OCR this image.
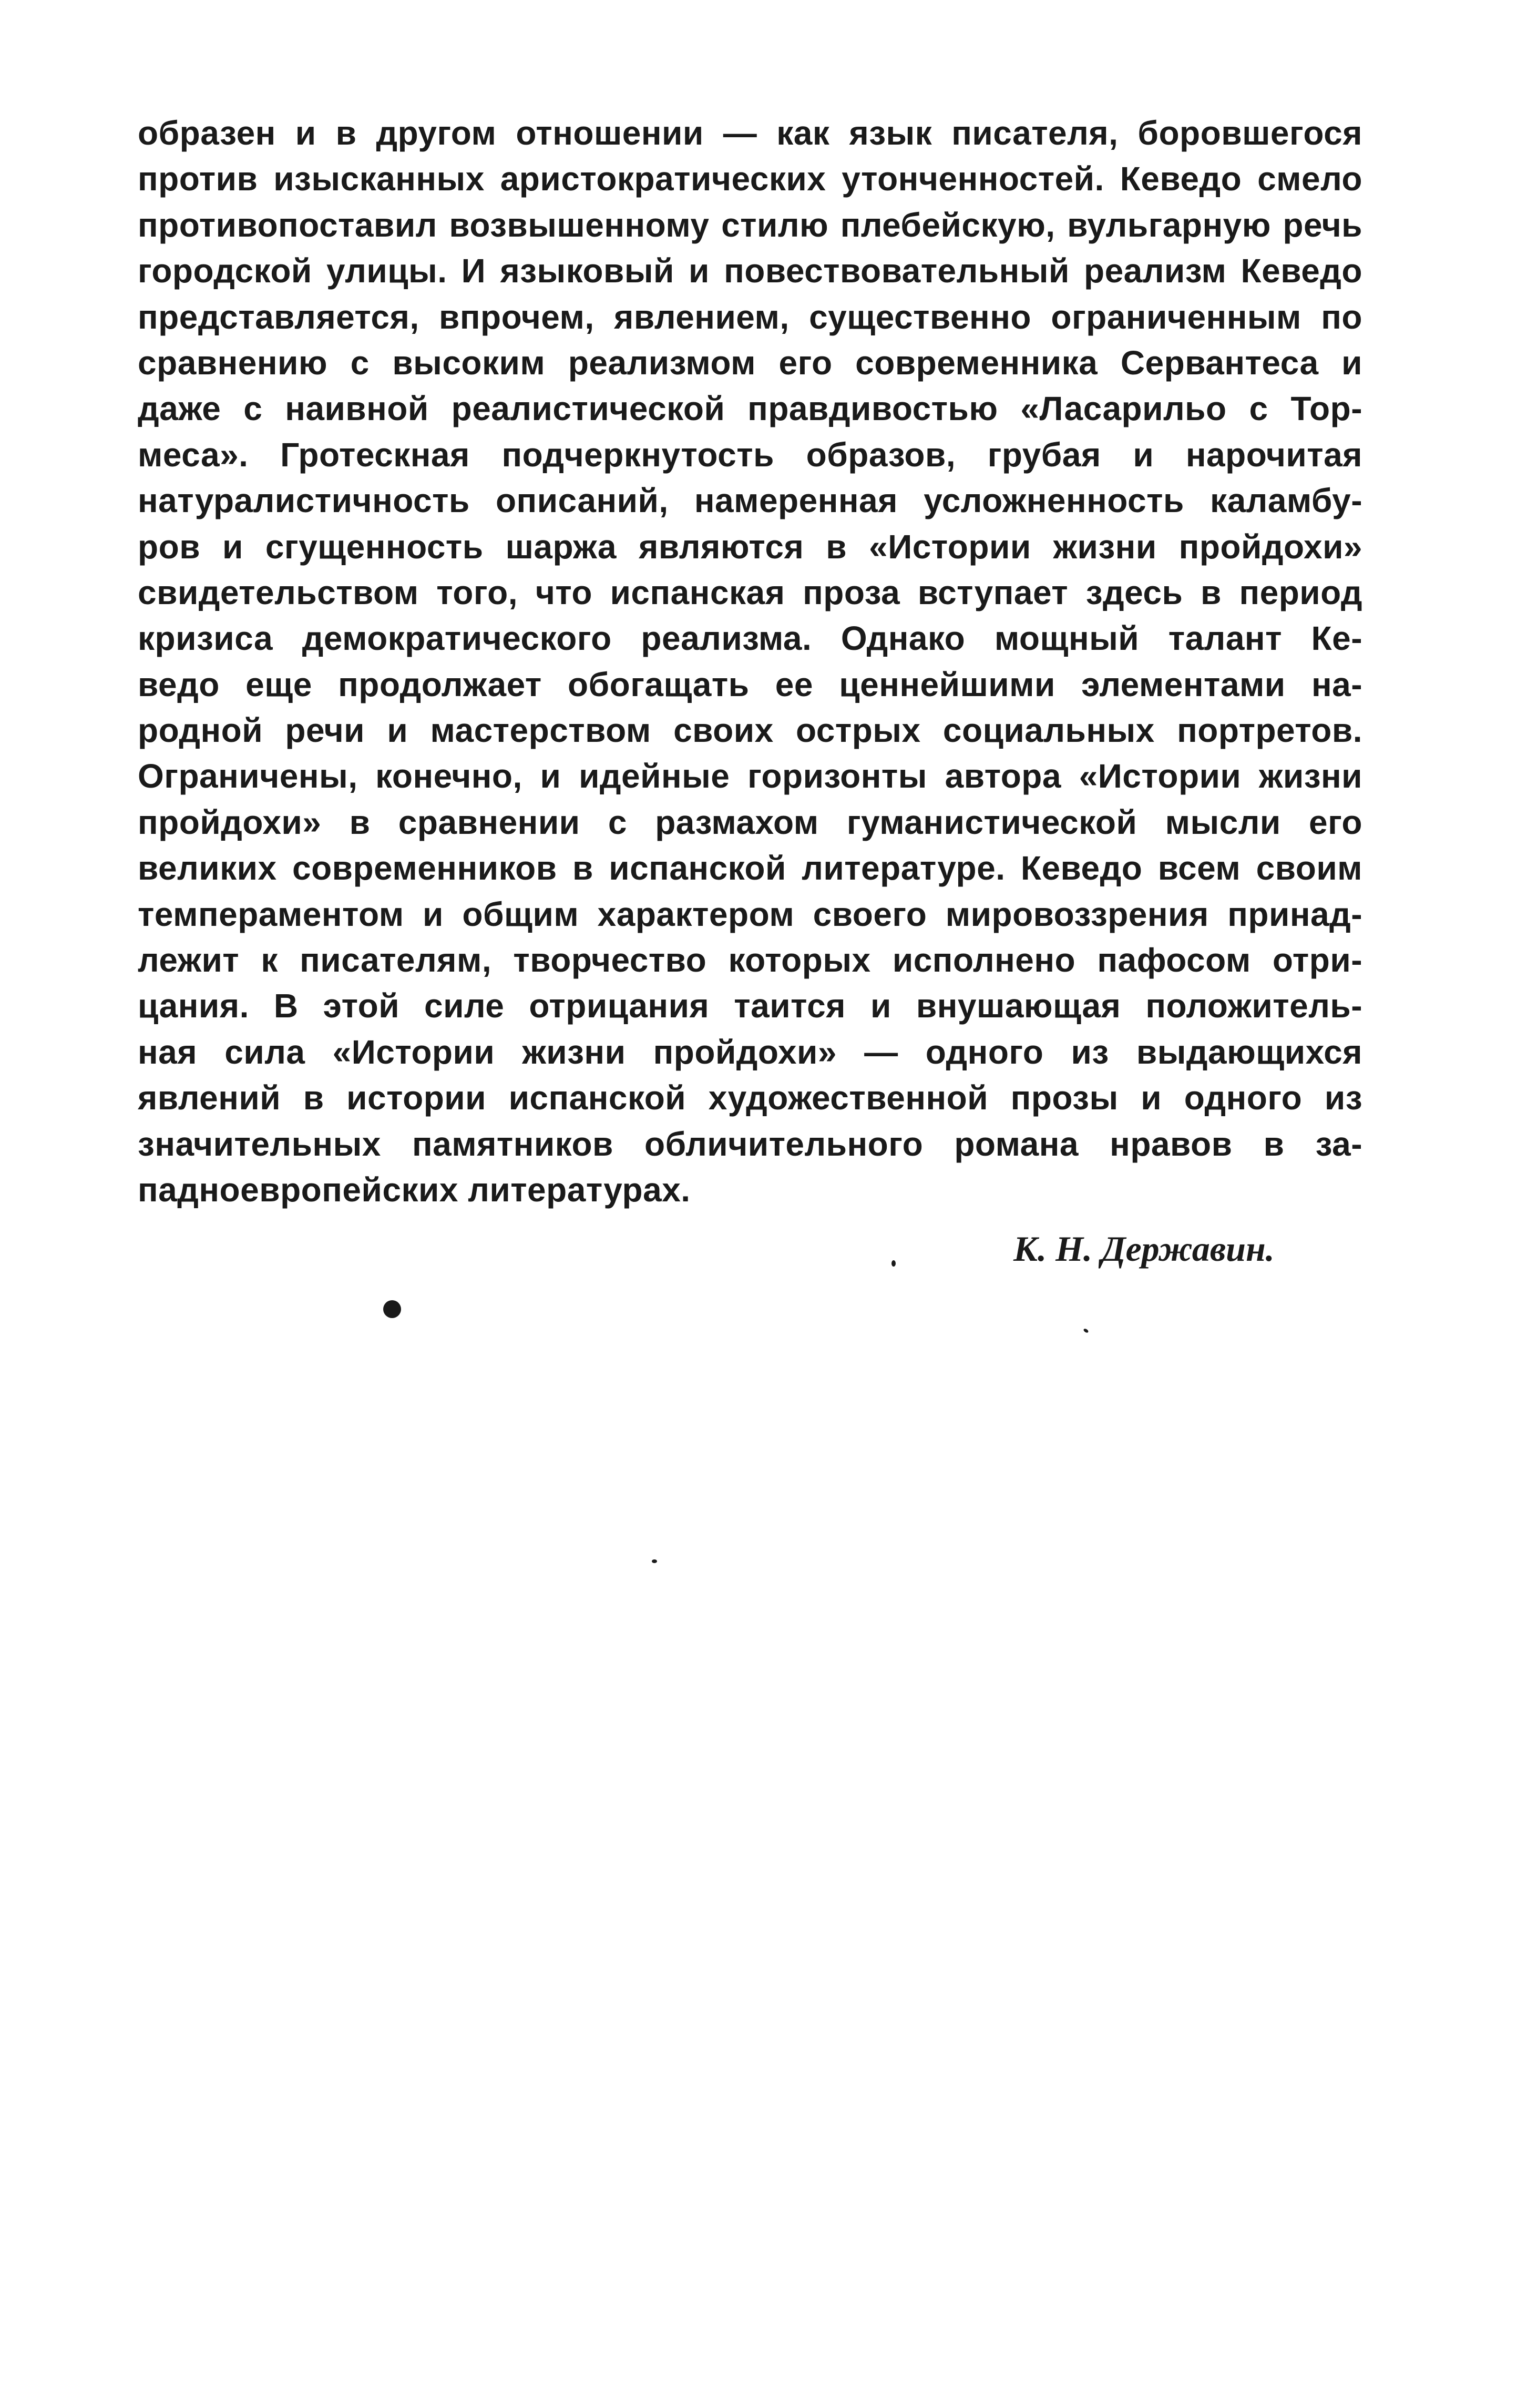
образен и в другом отношении — как язык писателя, боровшегося
против изысканных аристократических утонченностей. Кеведо смело
противопоставил возвышенному стилю плебейскую, вульгарную речь
городской улицы. И языковый и повествовательный реализм Кеведо
представляется, впрочем, явлением, существенно ограниченным по
сравнению с высоким реализмом его современника Сервантеса и
даже с наивной реалистической правдивостью «Ласарильо с Тор-
меса». Гротескная подчеркнутость образов, грубая и нарочитая
натуралистичность описаний, намеренная усложненность каламбу-
ров и сгущенность шаржа являются в «Истории жизни пройдохи»
свидетельством того, что испанская проза вступает здесь в период
кризиса демократического реализма. Однако мощный талант Ке-
ведо еще продолжает обогащать ее ценнейшими элементами на-
родной речи и мастерством своих острых социальных портретов.
Ограничены, конечно, и идейные горизонты автора «Истории жизни
пройдохи» в сравнении с размахом гуманистической мысли его
великих современников в испанской литературе. Кеведо всем своим
темпераментом и общим характером своего мировоззрения принад-
лежит к писателям, творчество которых исполнено пафосом отри-
цания. В этой силе отрицания таится и внушающая положитель-
ная сила «Истории жизни пройдохи» — одного из выдающихся
явлений в истории испанской художественной прозы и одного из
значительных памятников обличительного романа нравов в за-
падноевропейских литературах.
К. Н. Державин.
